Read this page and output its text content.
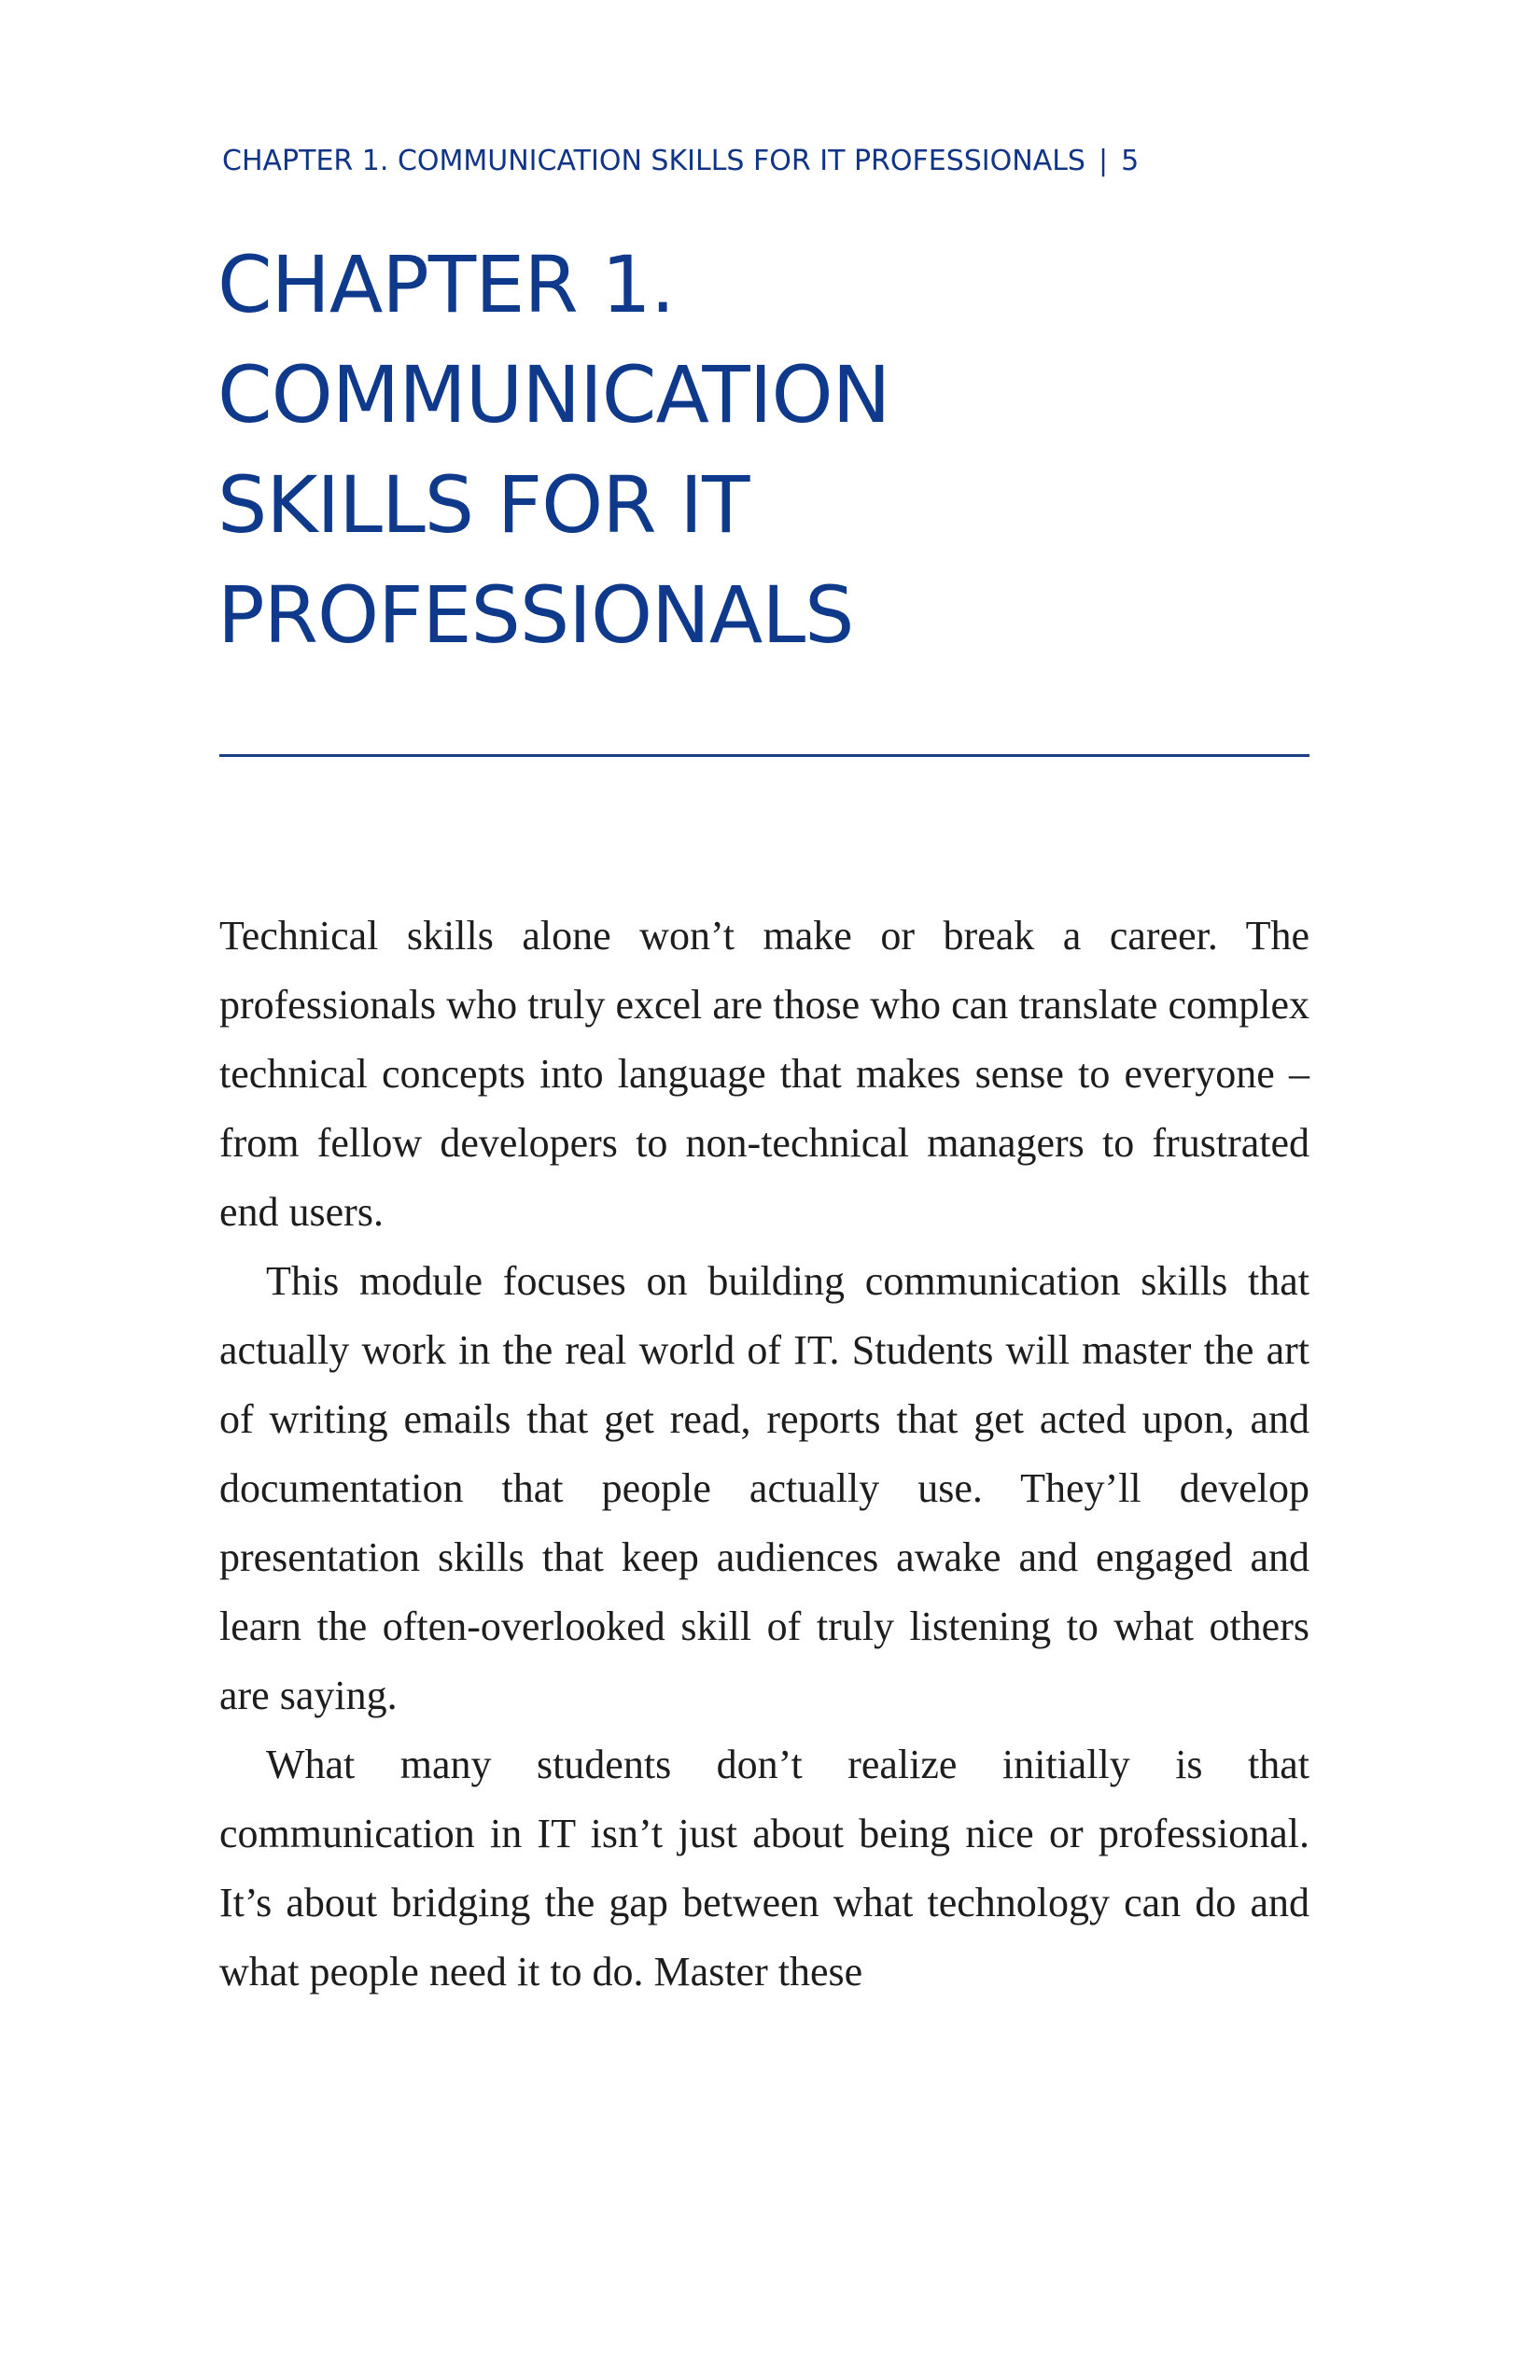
CHAPTER 1. COMMUNICATION SKILLS FOR IT PROFESSIONALS | 5
CHAPTER 1.
COMMUNICATION
SKILLS FOR IT
PROFESSIONALS

Technical skills alone won’t make or break a career. The professionals who truly excel are those who can translate complex technical concepts into language that makes sense to everyone – from fellow developers to non-technical managers to frustrated end users.

This module focuses on building communication skills that actually work in the real world of IT. Students will master the art of writing emails that get read, reports that get acted upon, and documentation that people actually use. They’ll develop presentation skills that keep audiences awake and engaged and learn the often-overlooked skill of truly listening to what others are saying.

What many students don’t realize initially is that communication in IT isn’t just about being nice or professional. It’s about bridging the gap between what technology can do and what people need it to do. Master these
